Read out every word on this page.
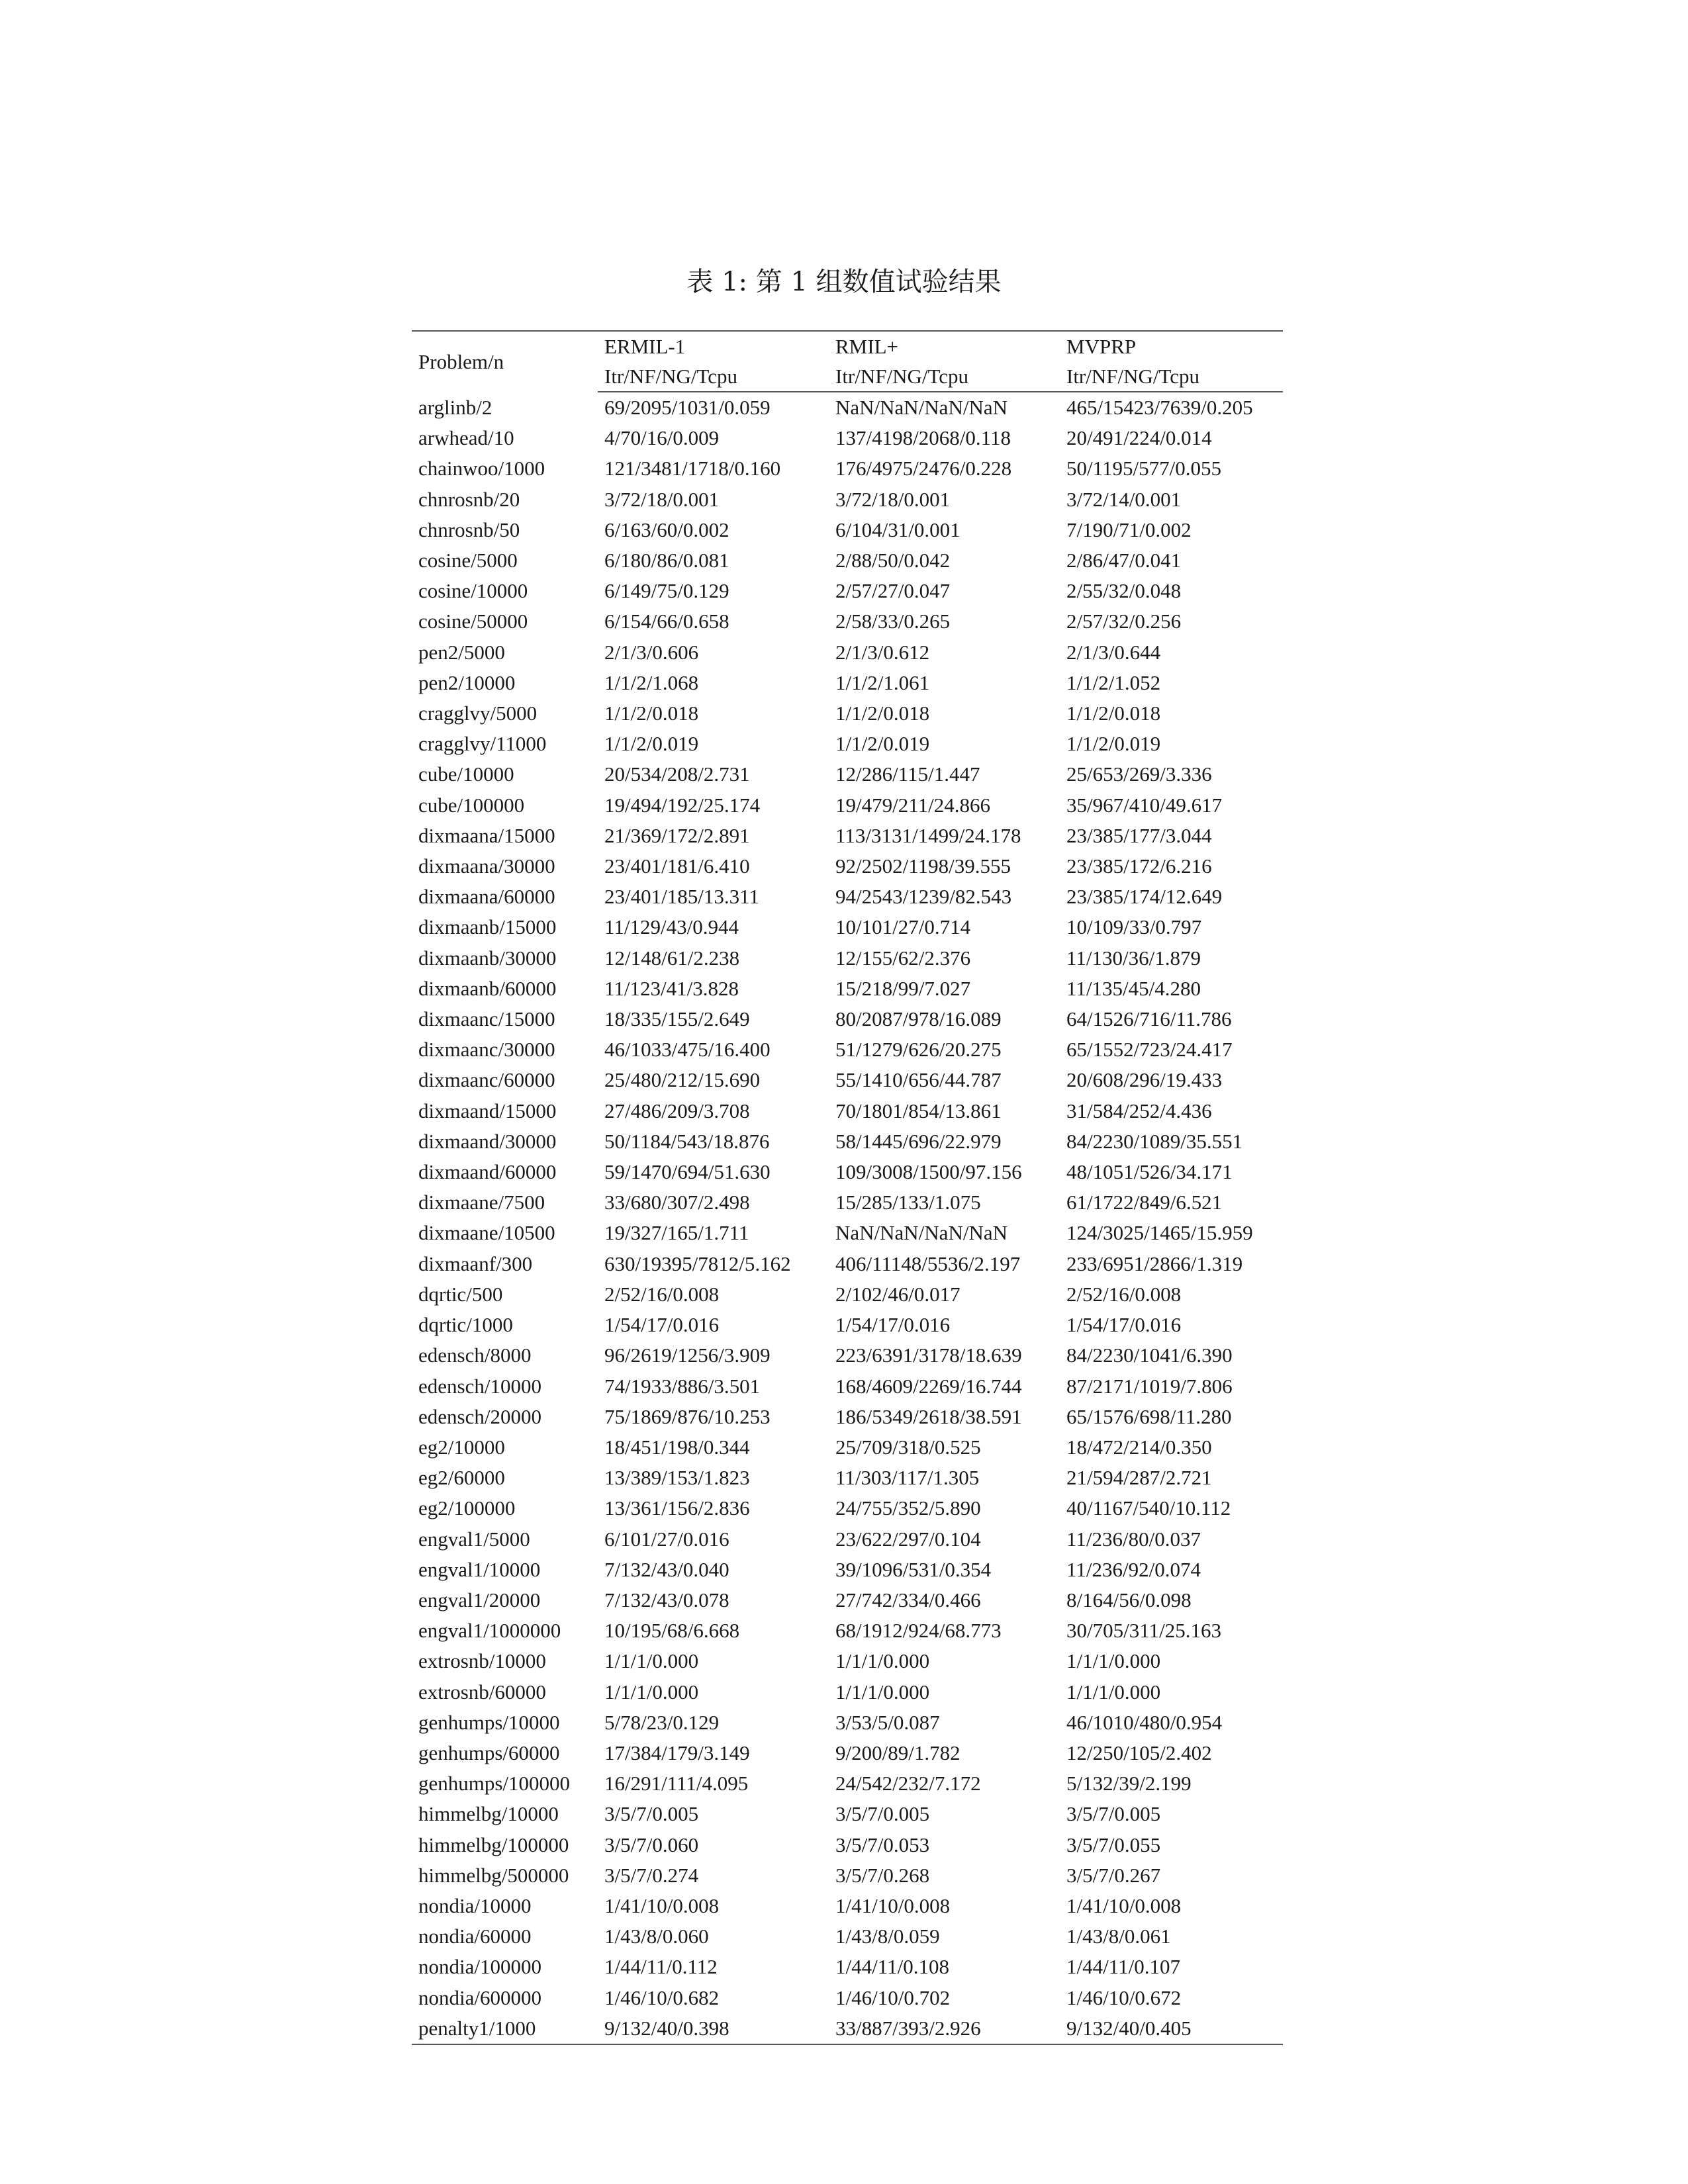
表 1: 第 1 组数值试验结果
Problem/n	ERMIL-1	RMIL+	MVPRP
	Itr/NF/NG/Tcpu	Itr/NF/NG/Tcpu	Itr/NF/NG/Tcpu
arglinb/2	69/2095/1031/0.059	NaN/NaN/NaN/NaN	465/15423/7639/0.205
arwhead/10	4/70/16/0.009	137/4198/2068/0.118	20/491/224/0.014
chainwoo/1000	121/3481/1718/0.160	176/4975/2476/0.228	50/1195/577/0.055
chnrosnb/20	3/72/18/0.001	3/72/18/0.001	3/72/14/0.001
chnrosnb/50	6/163/60/0.002	6/104/31/0.001	7/190/71/0.002
cosine/5000	6/180/86/0.081	2/88/50/0.042	2/86/47/0.041
cosine/10000	6/149/75/0.129	2/57/27/0.047	2/55/32/0.048
cosine/50000	6/154/66/0.658	2/58/33/0.265	2/57/32/0.256
pen2/5000	2/1/3/0.606	2/1/3/0.612	2/1/3/0.644
pen2/10000	1/1/2/1.068	1/1/2/1.061	1/1/2/1.052
cragglvy/5000	1/1/2/0.018	1/1/2/0.018	1/1/2/0.018
cragglvy/11000	1/1/2/0.019	1/1/2/0.019	1/1/2/0.019
cube/10000	20/534/208/2.731	12/286/115/1.447	25/653/269/3.336
cube/100000	19/494/192/25.174	19/479/211/24.866	35/967/410/49.617
dixmaana/15000	21/369/172/2.891	113/3131/1499/24.178	23/385/177/3.044
dixmaana/30000	23/401/181/6.410	92/2502/1198/39.555	23/385/172/6.216
dixmaana/60000	23/401/185/13.311	94/2543/1239/82.543	23/385/174/12.649
dixmaanb/15000	11/129/43/0.944	10/101/27/0.714	10/109/33/0.797
dixmaanb/30000	12/148/61/2.238	12/155/62/2.376	11/130/36/1.879
dixmaanb/60000	11/123/41/3.828	15/218/99/7.027	11/135/45/4.280
dixmaanc/15000	18/335/155/2.649	80/2087/978/16.089	64/1526/716/11.786
dixmaanc/30000	46/1033/475/16.400	51/1279/626/20.275	65/1552/723/24.417
dixmaanc/60000	25/480/212/15.690	55/1410/656/44.787	20/608/296/19.433
dixmaand/15000	27/486/209/3.708	70/1801/854/13.861	31/584/252/4.436
dixmaand/30000	50/1184/543/18.876	58/1445/696/22.979	84/2230/1089/35.551
dixmaand/60000	59/1470/694/51.630	109/3008/1500/97.156	48/1051/526/34.171
dixmaane/7500	33/680/307/2.498	15/285/133/1.075	61/1722/849/6.521
dixmaane/10500	19/327/165/1.711	NaN/NaN/NaN/NaN	124/3025/1465/15.959
dixmaanf/300	630/19395/7812/5.162	406/11148/5536/2.197	233/6951/2866/1.319
dqrtic/500	2/52/16/0.008	2/102/46/0.017	2/52/16/0.008
dqrtic/1000	1/54/17/0.016	1/54/17/0.016	1/54/17/0.016
edensch/8000	96/2619/1256/3.909	223/6391/3178/18.639	84/2230/1041/6.390
edensch/10000	74/1933/886/3.501	168/4609/2269/16.744	87/2171/1019/7.806
edensch/20000	75/1869/876/10.253	186/5349/2618/38.591	65/1576/698/11.280
eg2/10000	18/451/198/0.344	25/709/318/0.525	18/472/214/0.350
eg2/60000	13/389/153/1.823	11/303/117/1.305	21/594/287/2.721
eg2/100000	13/361/156/2.836	24/755/352/5.890	40/1167/540/10.112
engval1/5000	6/101/27/0.016	23/622/297/0.104	11/236/80/0.037
engval1/10000	7/132/43/0.040	39/1096/531/0.354	11/236/92/0.074
engval1/20000	7/132/43/0.078	27/742/334/0.466	8/164/56/0.098
engval1/1000000	10/195/68/6.668	68/1912/924/68.773	30/705/311/25.163
extrosnb/10000	1/1/1/0.000	1/1/1/0.000	1/1/1/0.000
extrosnb/60000	1/1/1/0.000	1/1/1/0.000	1/1/1/0.000
genhumps/10000	5/78/23/0.129	3/53/5/0.087	46/1010/480/0.954
genhumps/60000	17/384/179/3.149	9/200/89/1.782	12/250/105/2.402
genhumps/100000	16/291/111/4.095	24/542/232/7.172	5/132/39/2.199
himmelbg/10000	3/5/7/0.005	3/5/7/0.005	3/5/7/0.005
himmelbg/100000	3/5/7/0.060	3/5/7/0.053	3/5/7/0.055
himmelbg/500000	3/5/7/0.274	3/5/7/0.268	3/5/7/0.267
nondia/10000	1/41/10/0.008	1/41/10/0.008	1/41/10/0.008
nondia/60000	1/43/8/0.060	1/43/8/0.059	1/43/8/0.061
nondia/100000	1/44/11/0.112	1/44/11/0.108	1/44/11/0.107
nondia/600000	1/46/10/0.682	1/46/10/0.702	1/46/10/0.672
penalty1/1000	9/132/40/0.398	33/887/393/2.926	9/132/40/0.405
